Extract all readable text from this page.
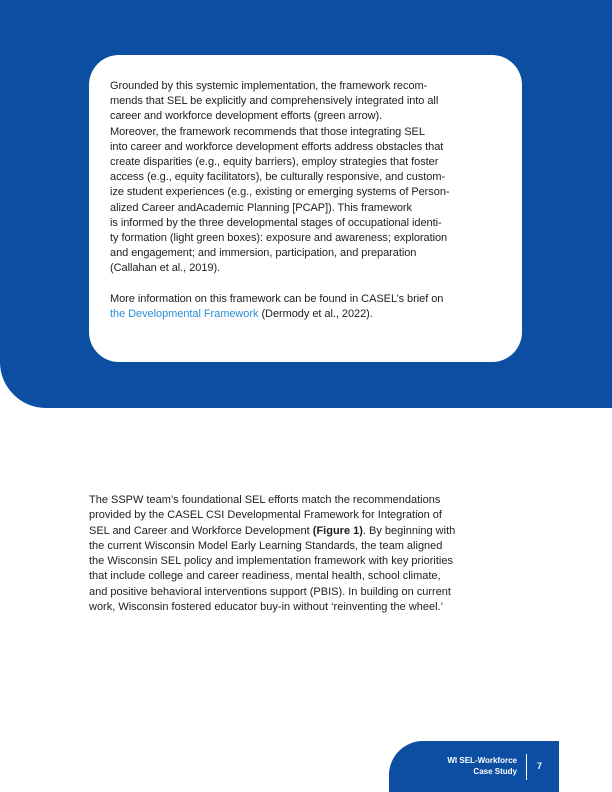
Grounded by this systemic implementation, the framework recom-
mends that SEL be explicitly and comprehensively integrated into all
career and workforce development efforts (green arrow).
Moreover, the framework recommends that those integrating SEL
into career and workforce development efforts address obstacles that
create disparities (e.g., equity barriers), employ strategies that foster
access (e.g., equity facilitators), be culturally responsive, and custom-
ize student experiences (e.g., existing or emerging systems of Person-
alized Career andAcademic Planning [PCAP]). This framework
is informed by the three developmental stages of occupational identi-
ty formation (light green boxes): exposure and awareness; exploration
and engagement; and immersion, participation, and preparation
(Callahan et al., 2019).

More information on this framework can be found in CASEL’s brief on
the Developmental Framework (Dermody et al., 2022).

The SSPW team’s foundational SEL efforts match the recommendations
provided by the CASEL CSI Developmental Framework for Integration of
SEL and Career and Workforce Development (Figure 1). By beginning with
the current Wisconsin Model Early Learning Standards, the team aligned
the Wisconsin SEL policy and implementation framework with key priorities
that include college and career readiness, mental health, school climate,
and positive behavioral interventions support (PBIS). In building on current
work, Wisconsin fostered educator buy-in without ‘reinventing the wheel.’
WI SEL-Workforce
Case Study 7
